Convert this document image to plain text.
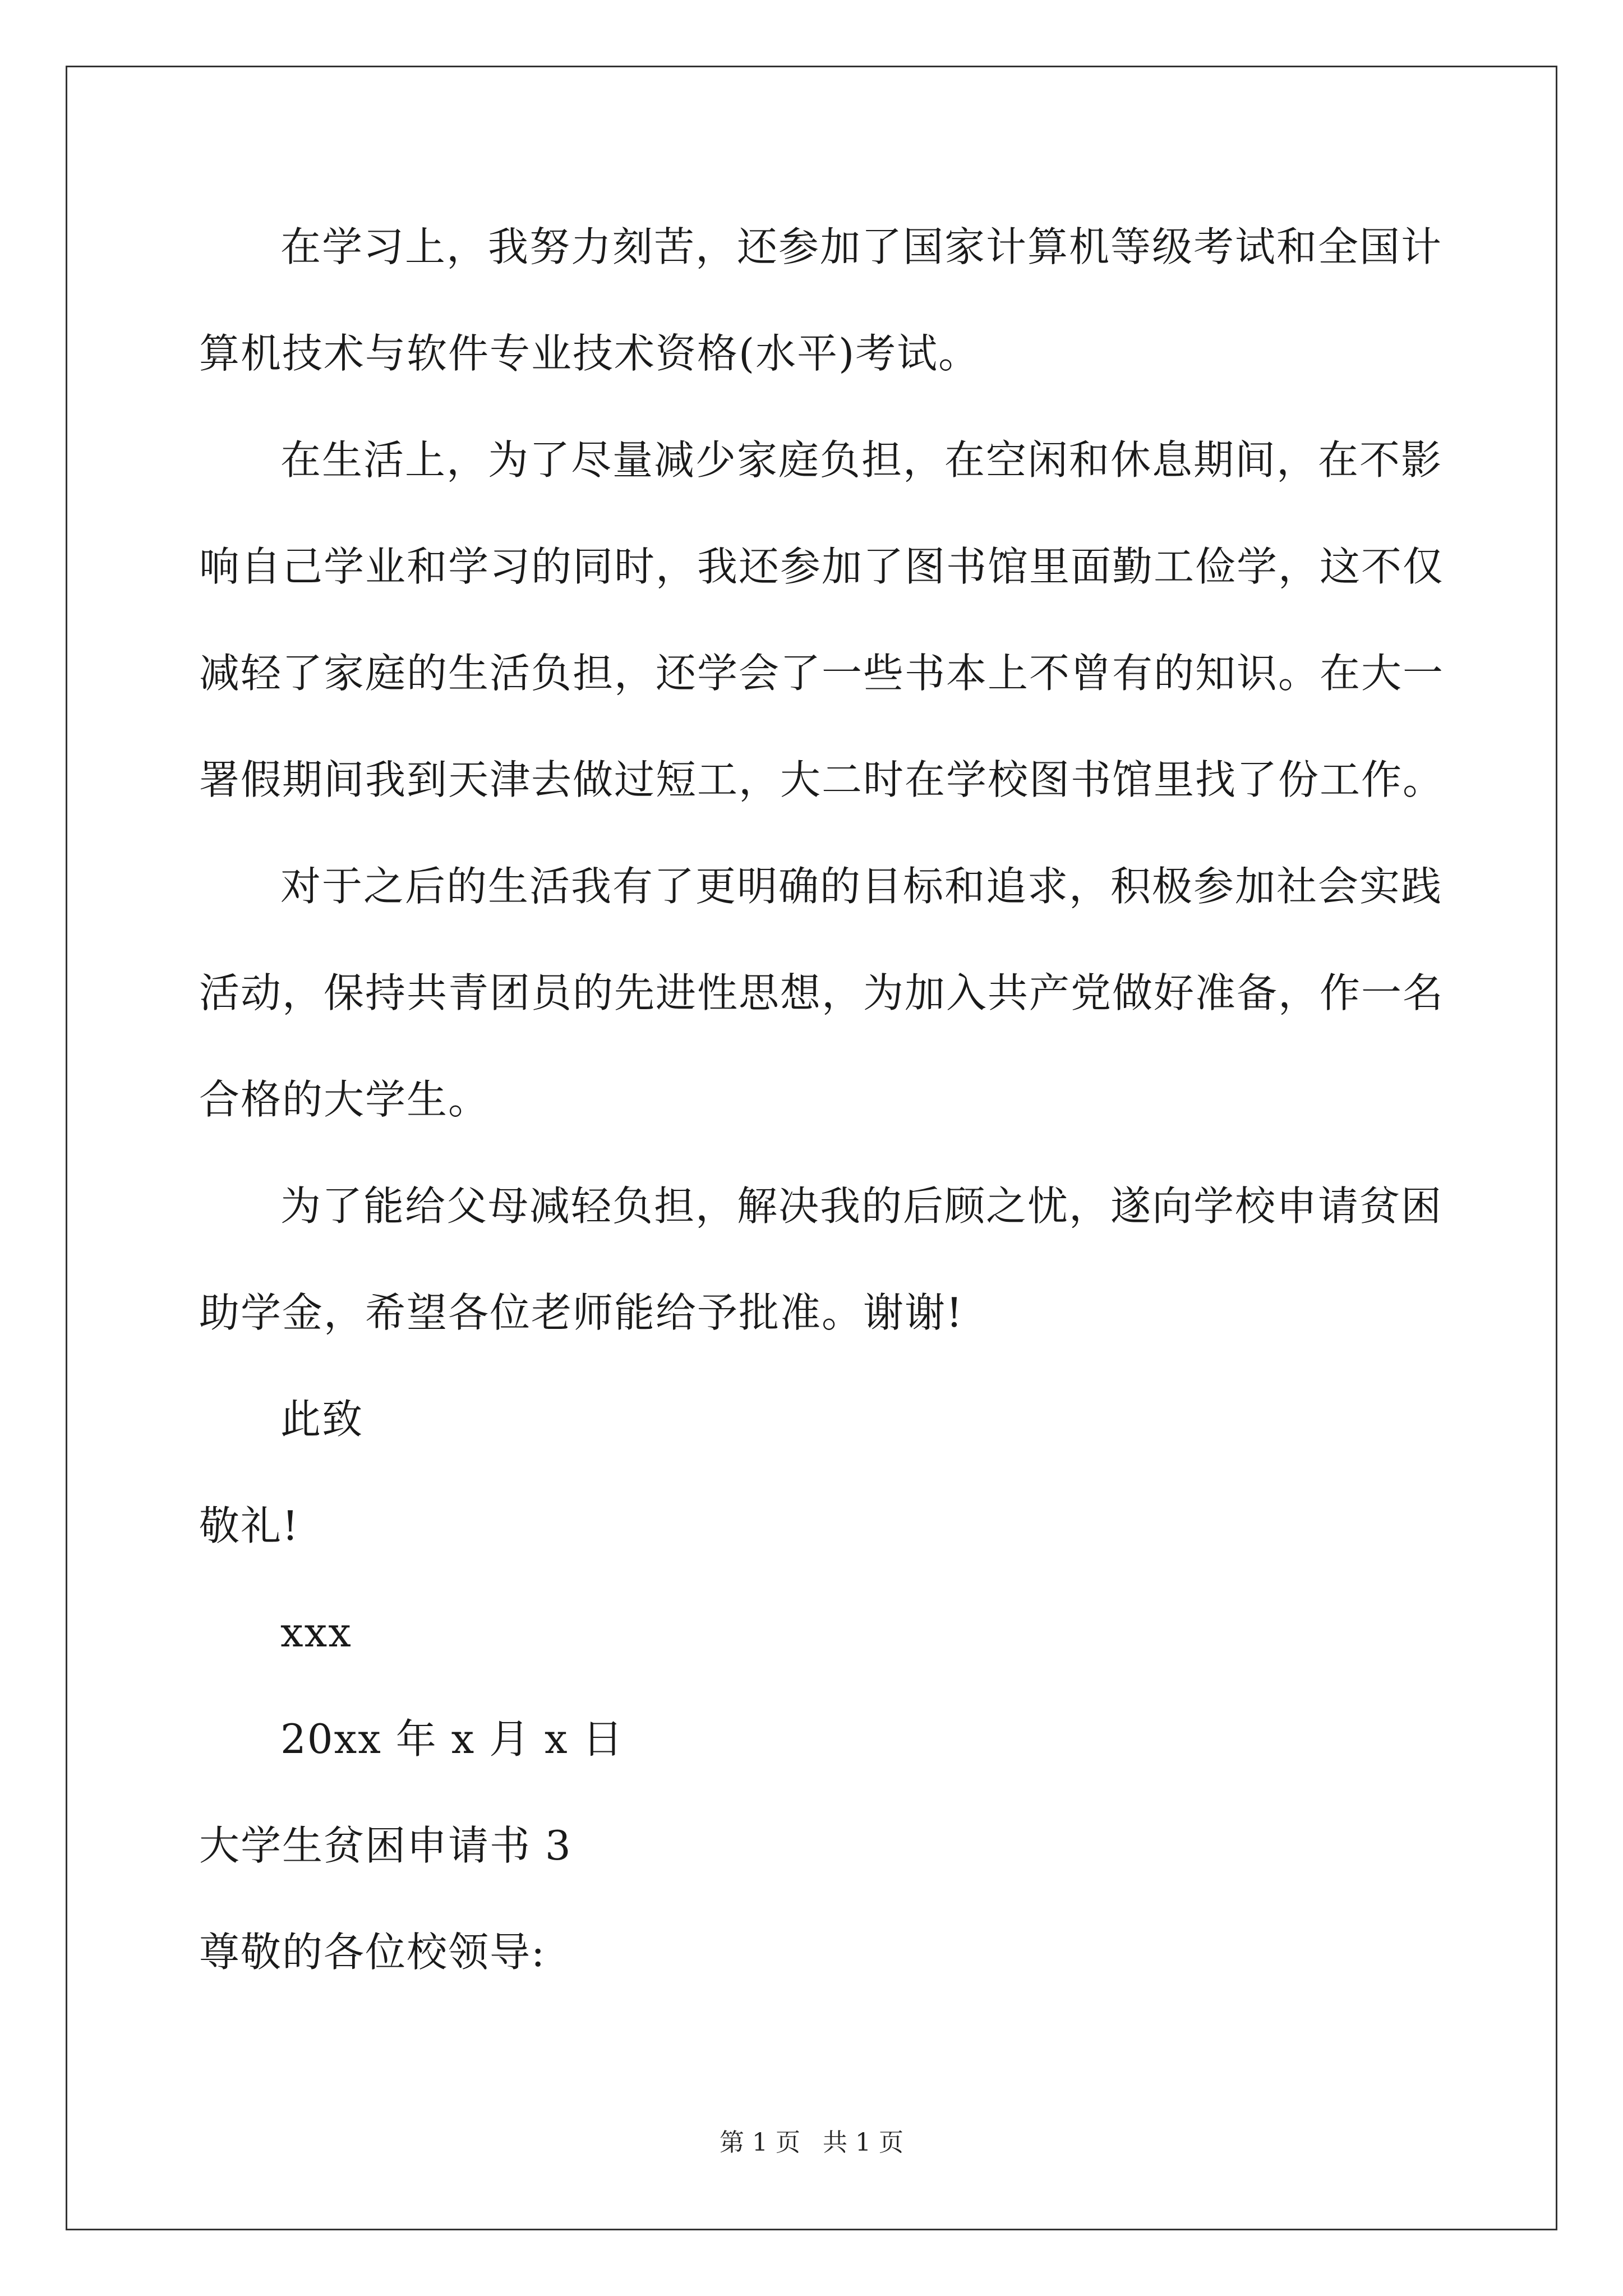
在学习上，我努力刻苦，还参加了国家计算机等级考试和全国计
算机技术与软件专业技术资格(水平)考试。
在生活上，为了尽量减少家庭负担，在空闲和休息期间，在不影
响自己学业和学习的同时，我还参加了图书馆里面勤工俭学，这不仅
减轻了家庭的生活负担，还学会了一些书本上不曾有的知识。在大一
署假期间我到天津去做过短工，大二时在学校图书馆里找了份工作。
对于之后的生活我有了更明确的目标和追求，积极参加社会实践
活动，保持共青团员的先进性思想，为加入共产党做好准备，作一名
合格的大学生。
为了能给父母减轻负担，解决我的后顾之忧，遂向学校申请贫困
助学金，希望各位老师能给予批准。谢谢!
此致
敬礼!
xxx
20xx 年 x 月 x 日
大学生贫困申请书 3
尊敬的各位校领导:
第 1 页 共 1 页
